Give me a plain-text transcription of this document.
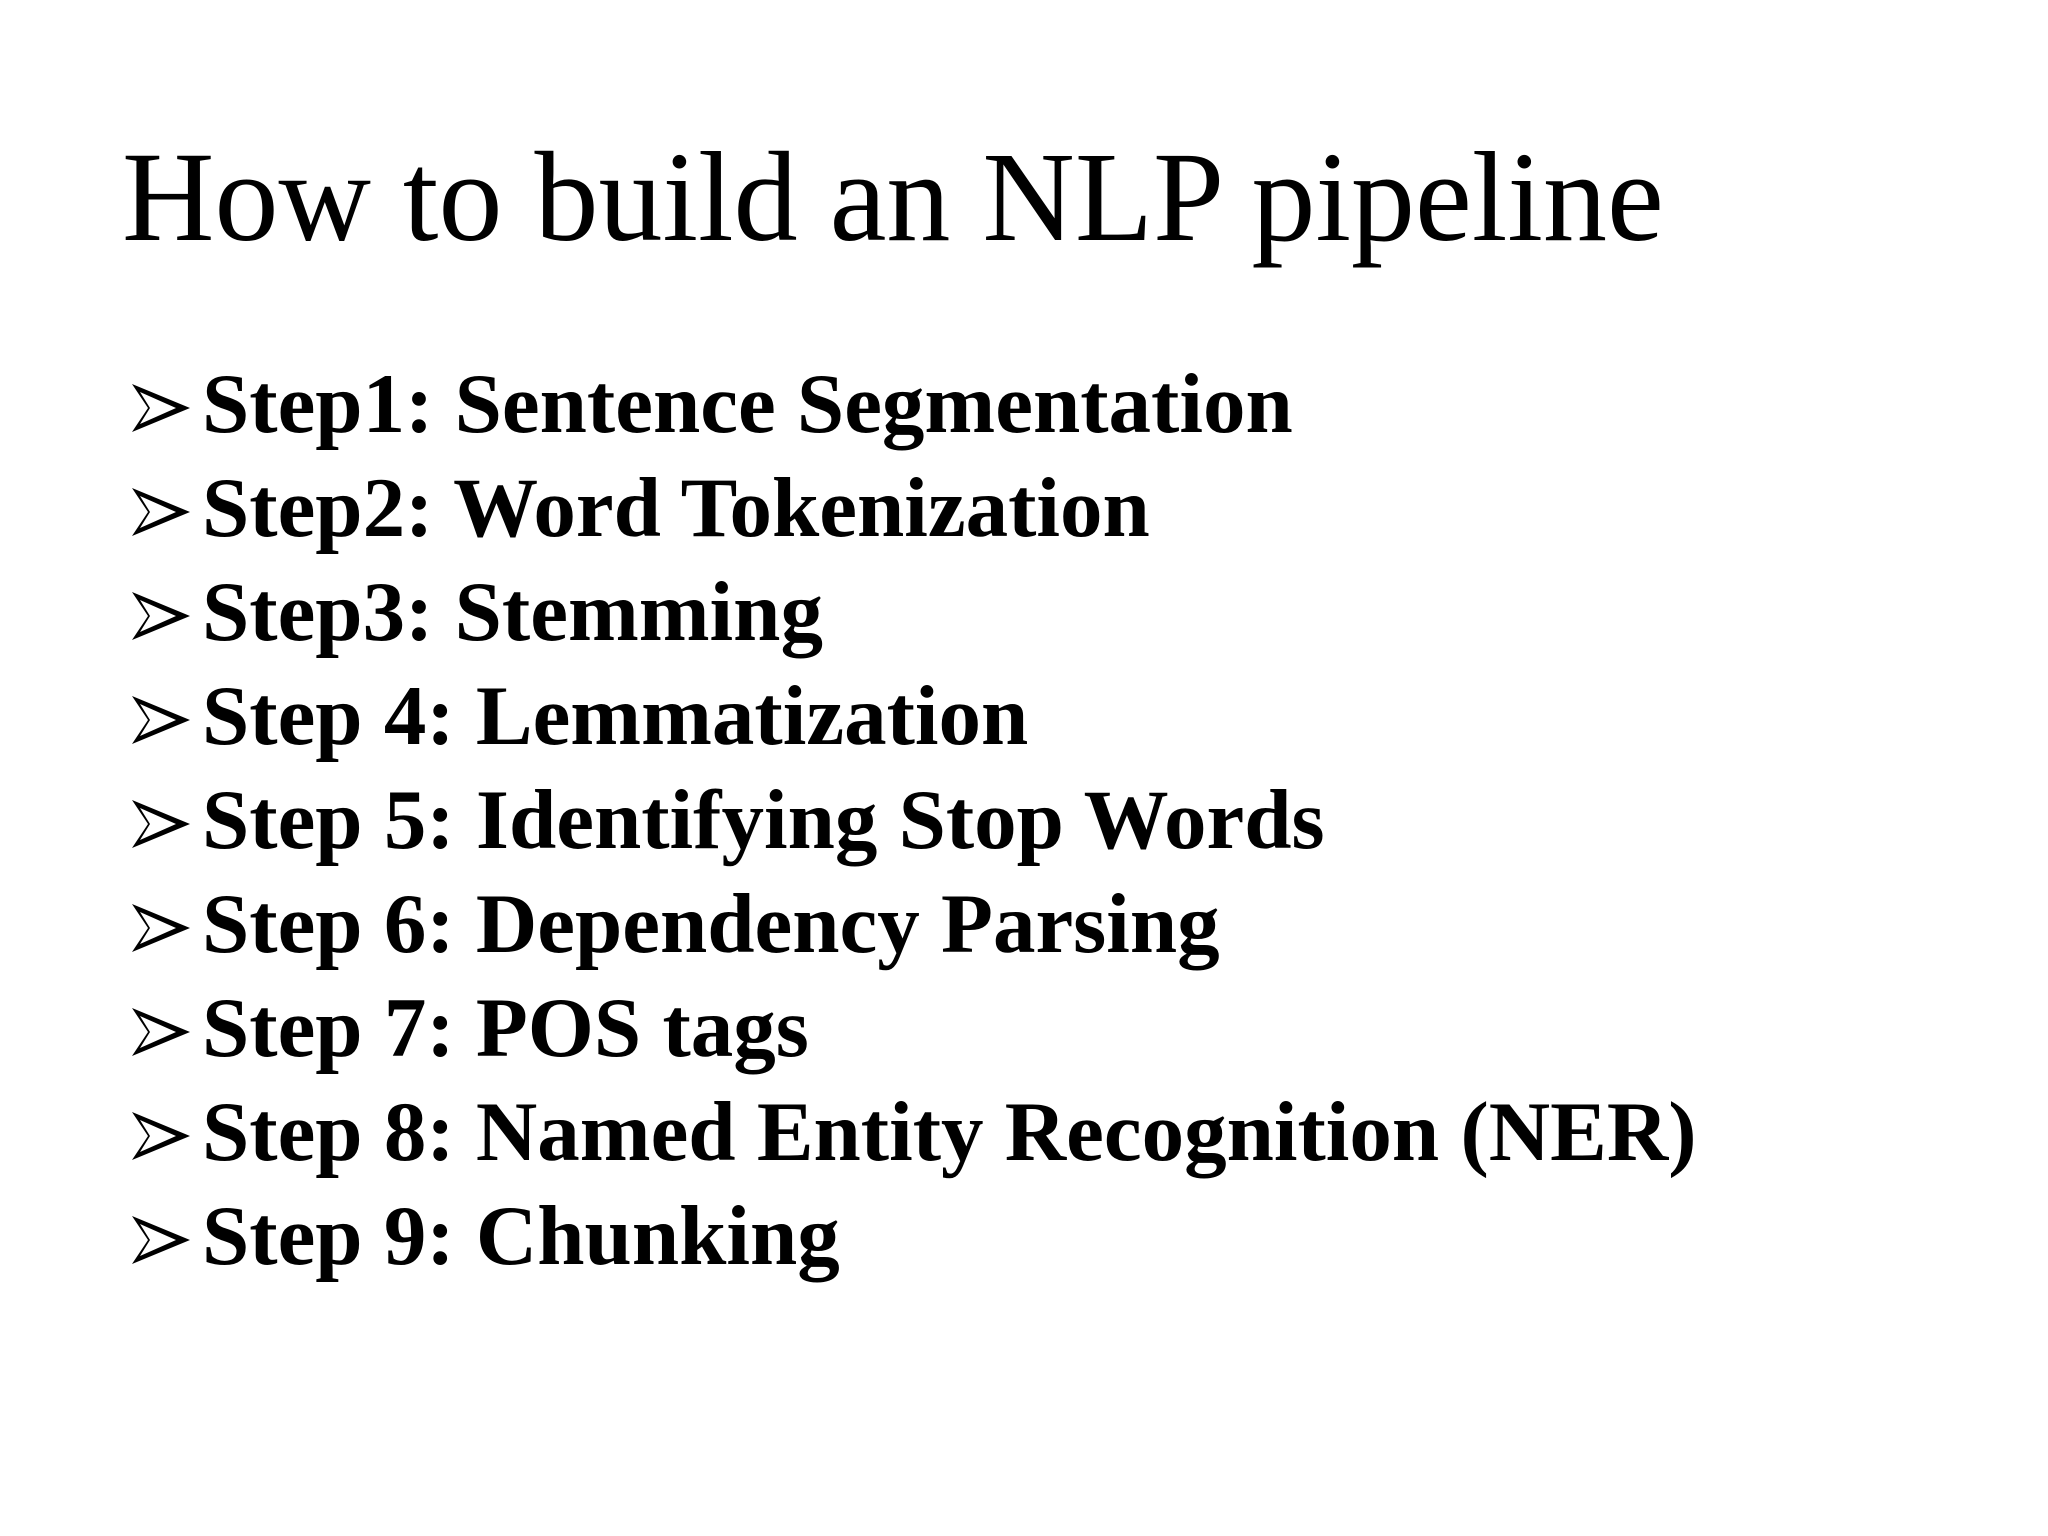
How to build an NLP pipeline
Step1: Sentence Segmentation
Step2: Word Tokenization
Step3: Stemming
Step 4: Lemmatization
Step 5: Identifying Stop Words
Step 6: Dependency Parsing
Step 7: POS tags
Step 8: Named Entity Recognition (NER)
Step 9: Chunking
